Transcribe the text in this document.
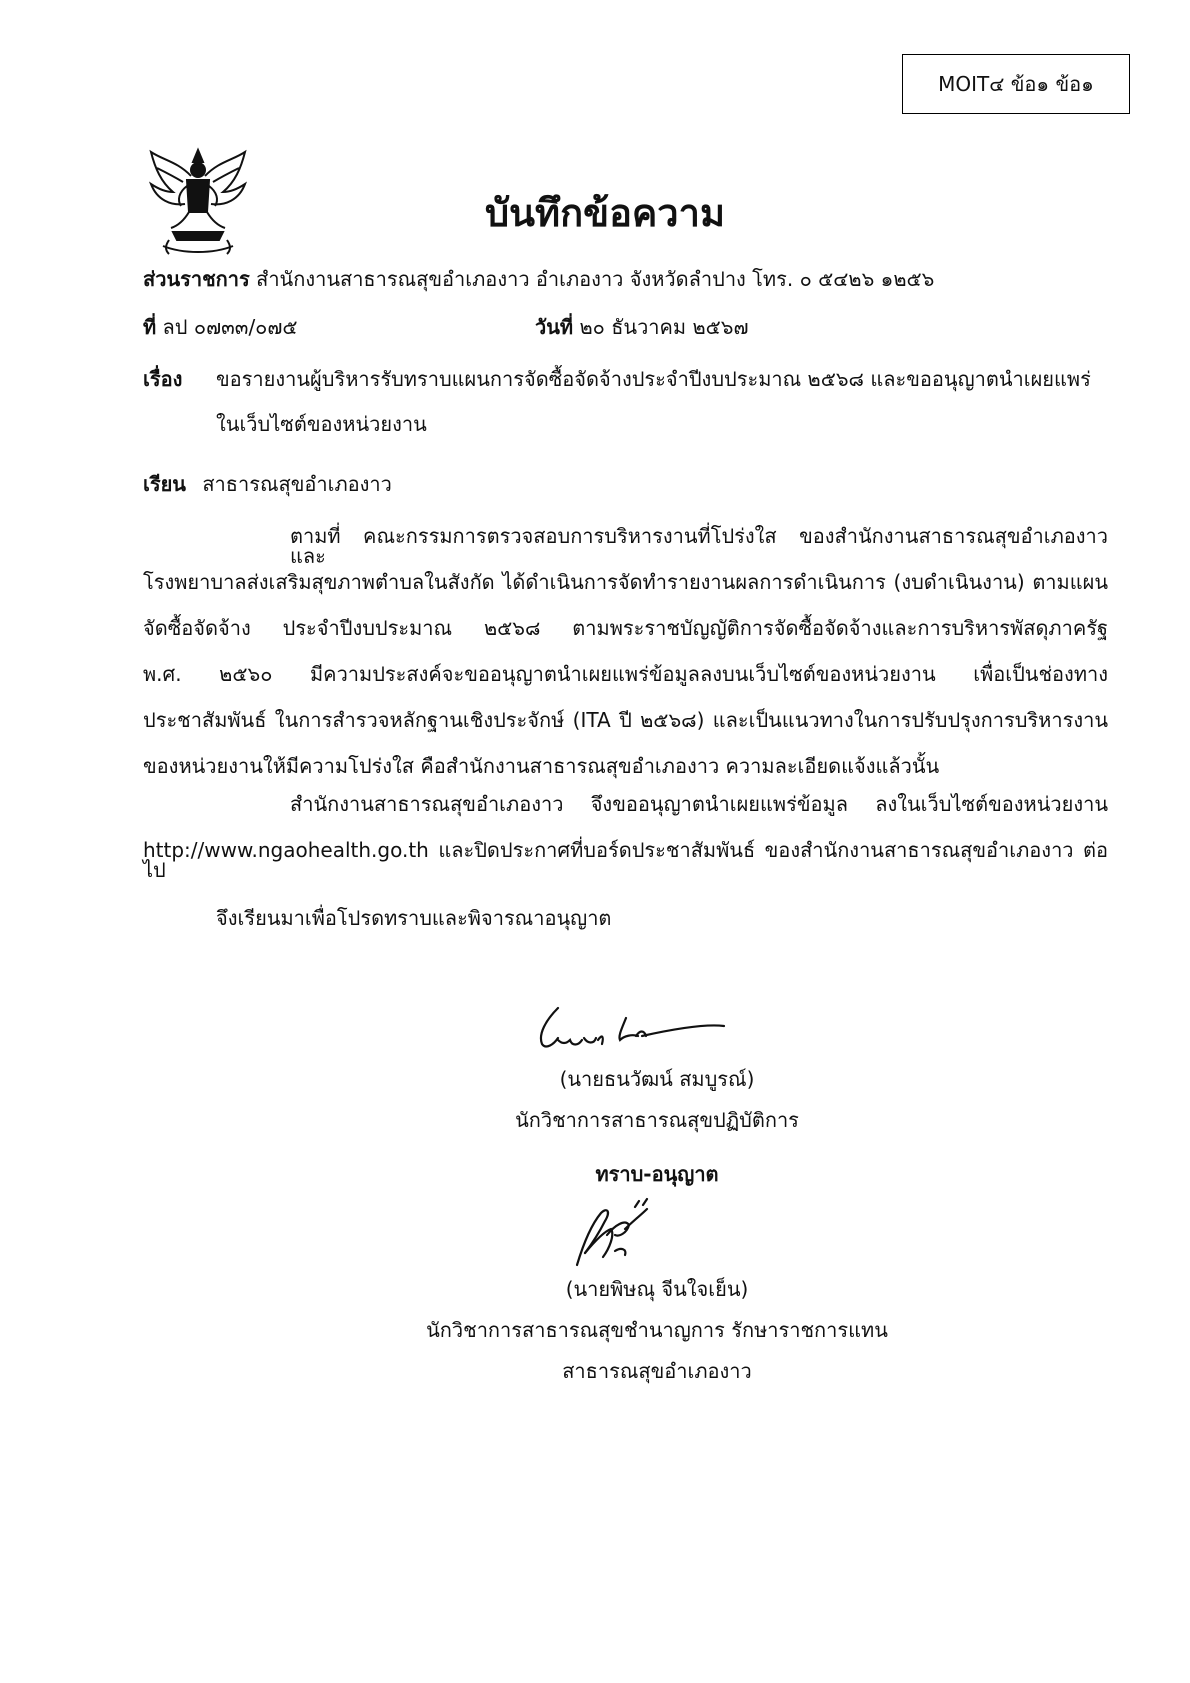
MOIT๔ ข้อ๑ ข้อ๑
บันทึกข้อความ
ส่วนราชการ สำนักงานสาธารณสุขอำเภองาว อำเภองาว จังหวัดลำปาง โทร. ๐ ๕๔๒๖ ๑๒๕๖
ที่ ลป ๐๗๓๓/๐๗๕	วันที่ ๒๐ ธันวาคม ๒๕๖๗
เรื่อง ขอรายงานผู้บริหารรับทราบแผนการจัดซื้อจัดจ้างประจำปีงบประมาณ ๒๕๖๘ และขออนุญาตนำเผยแพร่
ในเว็บไซต์ของหน่วยงาน
เรียน สาธารณสุขอำเภองาว
ตามที่ คณะกรรมการตรวจสอบการบริหารงานที่โปร่งใส ของสำนักงานสาธารณสุขอำเภองาวและ
โรงพยาบาลส่งเสริมสุขภาพตำบลในสังกัด ได้ดำเนินการจัดทำรายงานผลการดำเนินการ (งบดำเนินงาน) ตามแผน
จัดซื้อจัดจ้าง ประจำปีงบประมาณ ๒๕๖๘ ตามพระราชบัญญัติการจัดซื้อจัดจ้างและการบริหารพัสดุภาครัฐ
พ.ศ. ๒๕๖๐ มีความประสงค์จะขออนุญาตนำเผยแพร่ข้อมูลลงบนเว็บไซต์ของหน่วยงาน เพื่อเป็นช่องทาง
ประชาสัมพันธ์ ในการสำรวจหลักฐานเชิงประจักษ์ (ITA ปี ๒๕๖๘) และเป็นแนวทางในการปรับปรุงการบริหารงาน
ของหน่วยงานให้มีความโปร่งใส คือสำนักงานสาธารณสุขอำเภองาว ความละเอียดแจ้งแล้วนั้น
สำนักงานสาธารณสุขอำเภองาว จึงขออนุญาตนำเผยแพร่ข้อมูล ลงในเว็บไซต์ของหน่วยงาน
http://www.ngaohealth.go.th และปิดประกาศที่บอร์ดประชาสัมพันธ์ ของสำนักงานสาธารณสุขอำเภองาว ต่อไป
จึงเรียนมาเพื่อโปรดทราบและพิจารณาอนุญาต
(นายธนวัฒน์ สมบูรณ์)
นักวิชาการสาธารณสุขปฏิบัติการ
ทราบ-อนุญาต
(นายพิษณุ จีนใจเย็น)
นักวิชาการสาธารณสุขชำนาญการ รักษาราชการแทน
สาธารณสุขอำเภองาว
